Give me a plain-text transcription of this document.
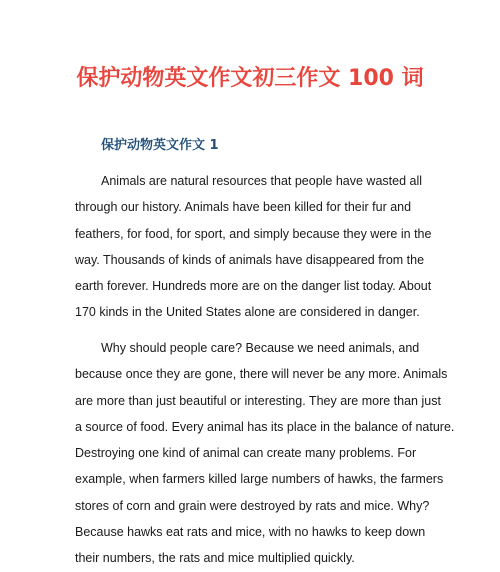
保护动物英文作文初三作文 100 词
保护动物英文作文 1

Animals are natural resources that people have wasted all
through our history. Animals have been killed for their fur and
feathers, for food, for sport, and simply because they were in the
way. Thousands of kinds of animals have disappeared from the
earth forever. Hundreds more are on the danger list today. About
170 kinds in the United States alone are considered in danger.

Why should people care? Because we need animals, and
because once they are gone, there will never be any more. Animals
are more than just beautiful or interesting. They are more than just
a source of food. Every animal has its place in the balance of nature.
Destroying one kind of animal can create many problems. For
example, when farmers killed large numbers of hawks, the farmers
stores of corn and grain were destroyed by rats and mice. Why?
Because hawks eat rats and mice, with no hawks to keep down
their numbers, the rats and mice multiplied quickly.
